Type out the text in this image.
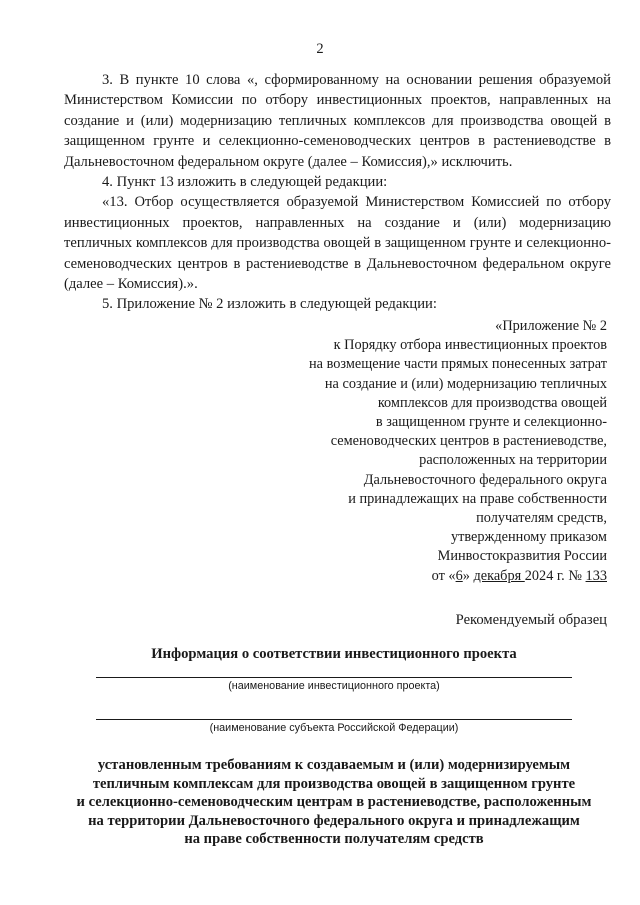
2

3. В пункте 10 слова «, сформированному на основании решения образуемой Министерством Комиссии по отбору инвестиционных проектов, направленных на создание и (или) модернизацию тепличных комплексов для производства овощей в защищенном грунте и селекционно-семеноводческих центров в растениеводстве в Дальневосточном федеральном округе (далее – Комиссия),» исключить.

4. Пункт 13 изложить в следующей редакции:

«13. Отбор осуществляется образуемой Министерством Комиссией по отбору инвестиционных проектов, направленных на создание и (или) модернизацию тепличных комплексов для производства овощей в защищенном грунте и селекционно-семеноводческих центров в растениеводстве в Дальневосточном федеральном округе (далее – Комиссия).».

5. Приложение № 2 изложить в следующей редакции:

«Приложение № 2
к Порядку отбора инвестиционных проектов
на возмещение части прямых понесенных затрат
на создание и (или) модернизацию тепличных
комплексов для производства овощей
в защищенном грунте и селекционно-
семеноводческих центров в растениеводстве,
расположенных на территории
Дальневосточного федерального округа
и принадлежащих на праве собственности
получателям средств,
утвержденному приказом
Минвостокразвития России
от «6» декабря 2024 г. № 133
Рекомендуемый образец
Информация о соответствии инвестиционного проекта
(наименование инвестиционного проекта)
(наименование субъекта Российской Федерации)
установленным требованиям к создаваемым и (или) модернизируемым
тепличным комплексам для производства овощей в защищенном грунте
и селекционно-семеноводческим центрам в растениеводстве, расположенным
на территории Дальневосточного федерального округа и принадлежащим
на праве собственности получателям средств
